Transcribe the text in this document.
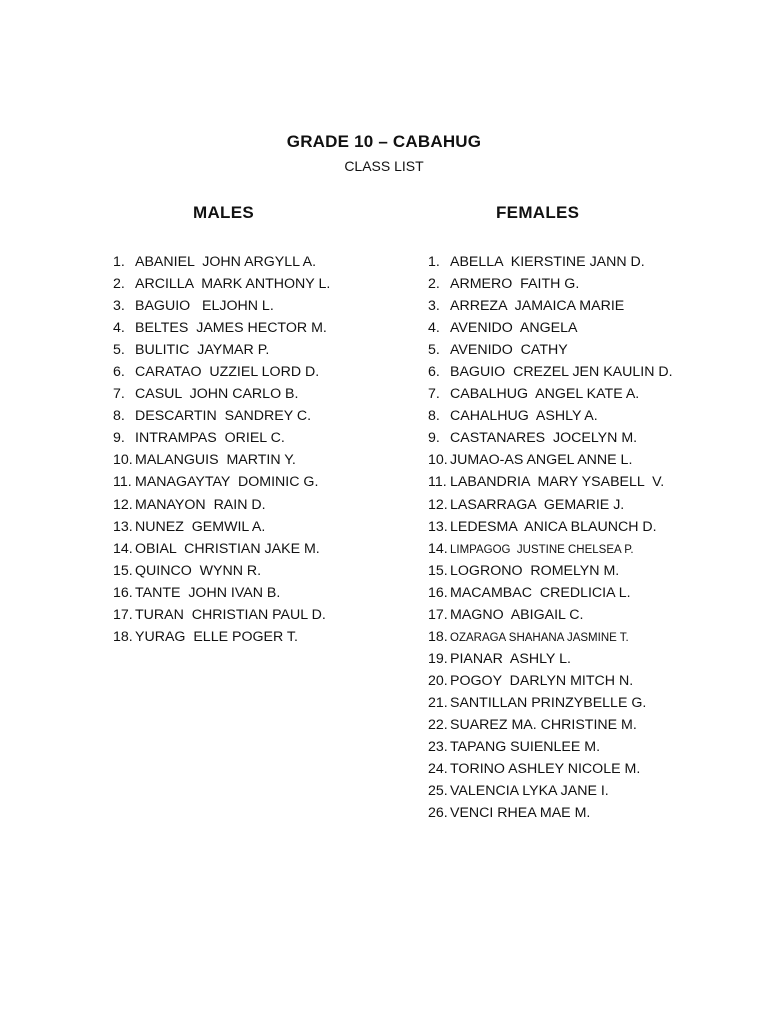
GRADE 10 – CABAHUG
CLASS LIST
MALES	FEMALES
1. ABANIEL  JOHN ARGYLL A.
2. ARCILLA  MARK ANTHONY L.
3. BAGUIO   ELJOHN L.
4. BELTES  JAMES HECTOR M.
5. BULITIC  JAYMAR P.
6. CARATAO  UZZIEL LORD D.
7. CASUL  JOHN CARLO B.
8. DESCARTIN  SANDREY C.
9. INTRAMPAS  ORIEL C.
10. MALANGUIS  MARTIN Y.
11. MANAGAYTAY  DOMINIC G.
12. MANAYON  RAIN D.
13. NUNEZ  GEMWIL A.
14. OBIAL  CHRISTIAN JAKE M.
15. QUINCO  WYNN R.
16. TANTE  JOHN IVAN B.
17. TURAN  CHRISTIAN PAUL D.
18. YURAG  ELLE POGER T.
1. ABELLA  KIERSTINE JANN D.
2. ARMERO  FAITH G.
3. ARREZA  JAMAICA MARIE
4. AVENIDO  ANGELA
5. AVENIDO  CATHY
6. BAGUIO  CREZEL JEN KAULIN D.
7. CABALHUG  ANGEL KATE A.
8. CAHALHUG  ASHLY A.
9. CASTANARES  JOCELYN M.
10. JUMAO-AS ANGEL ANNE L.
11. LABANDRIA  MARY YSABELL  V.
12. LASARRAGA  GEMARIE J.
13. LEDESMA  ANICA BLAUNCH D.
14. LIMPAGOG  JUSTINE CHELSEA P.
15. LOGRONO  ROMELYN M.
16. MACAMBAC  CREDLICIA L.
17. MAGNO  ABIGAIL C.
18. OZARAGA SHAHANA JASMINE T.
19. PIANAR  ASHLY L.
20. POGOY  DARLYN MITCH N.
21. SANTILLAN PRINZYBELLE G.
22. SUAREZ MA. CHRISTINE M.
23. TAPANG SUIENLEE M.
24. TORINO ASHLEY NICOLE M.
25. VALENCIA LYKA JANE I.
26. VENCI RHEA MAE M.
